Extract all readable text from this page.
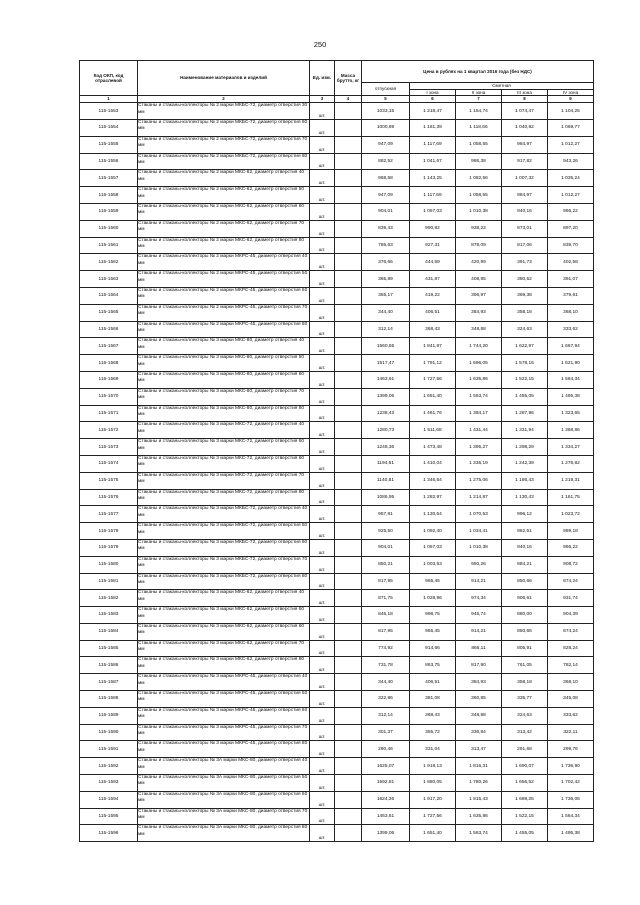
250
Код ОКП, код отраслевой	Наименование материалов и изделий	Ед. изм.	Масса брутто, кг	Цена в рублях на 1 квартал 2016 года (без НДС)				
				отпускная	Сметная			
					I зона	II зона	III зона	IV зона
1	2	3	4	5	6	7	8	9
115-1553	Стаканы и стаканы-коллекторы № 2 марки МКБС-72, диаметр отверстия 30 мм	шт.		1033,15	1 218,47	1 154,74	1 074,47	1 104,25
115-1554	Стаканы и стаканы-коллекторы № 2 марки МКБС-72, диаметр отверстия 60 мм	шт.		1000,89	1 181,39	1 118,66	1 040,92	1 069,77
115-1555	Стаканы и стаканы-коллекторы № 2 марки МКБС-72, диаметр отверстия 70 мм	шт.		947,09	1 117,69	1 058,55	984,97	1 012,27
115-1556	Стаканы и стаканы-коллекторы № 2 марки МКБС-72, диаметр отверстия 80 мм	шт.		882,52	1 041,67	986,38	917,82	943,26
115-1557	Стаканы и стаканы-коллекторы № 2 марки МКС-62, диаметр отверстия 40 мм	шт.		968,58	1 143,25	1 082,56	1 007,32	1 035,24
115-1558	Стаканы и стаканы-коллекторы № 2 марки МКС-62, диаметр отверстия 50 мм	шт.		947,09	1 117,69	1 058,55	984,97	1 012,27
115-1559	Стаканы и стаканы-коллекторы № 2 марки МКС-62, диаметр отверстия 60 мм	шт.		904,01	1 067,03	1 010,38	940,16	966,22
115-1560	Стаканы и стаканы-коллекторы № 2 марки МКС-62, диаметр отверстия 70 мм	шт.		839,43	990,82	938,22	873,01	897,20
115-1561	Стаканы и стаканы-коллекторы № 2 марки МКС-62, диаметр отверстия 80 мм	шт.		785,63	927,31	878,09	817,06	839,70
115-1562	Стаканы и стаканы-коллекторы № 2 марки МКРС-45, диаметр отверстия 40 мм	шт.		376,66	444,59	420,99	391,73	402,58
115-1563	Стаканы и стаканы-коллекторы № 2 марки МКРС-45, диаметр отверстия 50 мм	шт.		365,89	431,87	408,95	380,52	391,07
115-1564	Стаканы и стаканы-коллекторы № 2 марки МКРС-45, диаметр отверстия 60 мм	шт.		355,17	419,22	396,97	369,38	379,61
115-1565	Стаканы и стаканы-коллекторы № 2 марки МКРС-45, диаметр отверстия 70 мм	шт.		344,40	406,51	384,93	358,18	368,10
115-1566	Стаканы и стаканы-коллекторы № 2 марки МКРС-45, диаметр отверстия 80 мм	шт.		312,14	368,43	348,88	324,63	333,62
115-1567	Стаканы и стаканы-коллекторы № 3 марки МКС-80, диаметр отверстия 40 мм	шт.		1560,55	1 841,97	1 744,20	1 622,97	1 667,94
115-1568	Стаканы и стаканы-коллекторы № 3 марки МКС-80, диаметр отверстия 50 мм	шт.		1517,47	1 791,12	1 696,05	1 578,16	1 621,90
115-1569	Стаканы и стаканы-коллекторы № 3 марки МКС-80, диаметр отверстия 60 мм	шт.		1463,61	1 727,56	1 635,86	1 522,15	1 564,34
115-1570	Стаканы и стаканы-коллекторы № 3 марки МКС-80, диаметр отверстия 70 мм	шт.		1399,06	1 651,40	1 563,74	1 455,05	1 495,38
115-1571	Стаканы и стаканы-коллекторы № 3 марки МКС-80, диаметр отверстия 80 мм	шт.		1238,43	1 461,76	1 384,17	1 287,96	1 323,65
115-1572	Стаканы и стаканы-коллекторы № 3 марки МКС-72, диаметр отверстия 40 мм	шт.		1280,73	1 511,68	1 431,44	1 331,94	1 368,86
115-1573	Стаканы и стаканы-коллекторы № 3 марки МКС-72, диаметр отверстия 50 мм	шт.		1248,36	1 473,48	1 395,27	1 298,29	1 334,27
115-1574	Стаканы и стаканы-коллекторы № 3 марки МКС-72, диаметр отверстия 60 мм	шт.		1194,61	1 410,04	1 335,19	1 242,39	1 276,82
115-1575	Стаканы и стаканы-коллекторы № 3 марки МКС-72, диаметр отверстия 70 мм	шт.		1140,81	1 346,54	1 275,06	1 186,43	1 219,31
115-1576	Стаканы и стаканы-коллекторы № 3 марки МКС-72, диаметр отверстия 80 мм	шт.		1086,95	1 282,97	1 214,87	1 130,43	1 161,75
115-1577	Стаканы и стаканы-коллекторы № 3 марки МКБС-72, диаметр отверстия 40 мм	шт.		957,81	1 130,54	1 070,53	996,12	1 023,72
115-1578	Стаканы и стаканы-коллекторы № 3 марки МКБС-72, диаметр отверстия 50 мм	шт.		925,50	1 092,40	1 034,41	962,51	989,18
115-1579	Стаканы и стаканы-коллекторы № 3 марки МКБС-72, диаметр отверстия 60 мм	шт.		904,01	1 067,03	1 010,38	940,16	966,22
115-1580	Стаканы и стаканы-коллекторы № 3 марки МКБС-72, диаметр отверстия 70 мм	шт.		850,21	1 003,53	950,26	884,21	908,72
115-1581	Стаканы и стаканы-коллекторы № 3 марки МКБС-72, диаметр отверстия 80 мм	шт.		817,95	965,45	914,21	850,66	874,24
115-1582	Стаканы и стаканы-коллекторы № 3 марки МКС-62, диаметр отверстия 40 мм	шт.		871,75	1 028,96	974,34	906,61	931,74
115-1583	Стаканы и стаканы-коллекторы № 3 марки МКС-62, диаметр отверстия 50 мм	шт.		846,18	998,75	945,74	880,00	904,39
115-1584	Стаканы и стаканы-коллекторы № 3 марки МКС-62, диаметр отверстия 60 мм	шт.		817,95	965,45	914,21	850,66	874,24
115-1585	Стаканы и стаканы-коллекторы № 3 марки МКС-62, диаметр отверстия 70 мм	шт.		774,92	914,66	866,11	805,91	828,24
115-1586	Стаканы и стаканы-коллекторы № 3 марки МКС-62, диаметр отверстия 80 мм	шт.		731,78	863,75	817,90	761,05	782,14
115-1587	Стаканы и стаканы-коллекторы № 3 марки МКРС-45, диаметр отверстия 40 мм	шт.		344,40	406,51	384,93	358,18	368,10
115-1588	Стаканы и стаканы-коллекторы № 3 марки МКРС-45, диаметр отверстия 50 мм	шт.		322,86	381,08	360,85	335,77	345,08
115-1589	Стаканы и стаканы-коллекторы № 3 марки МКРС-45, диаметр отверстия 60 мм	шт.		312,14	368,43	348,88	324,63	333,62
115-1590	Стаканы и стаканы-коллекторы № 3 марки МКРС-45, диаметр отверстия 70 мм	шт.		301,37	355,72	336,84	313,42	322,11
115-1591	Стаканы и стаканы-коллекторы № 3 марки МКРС-45, диаметр отверстия 80 мм	шт.		280,46	331,04	313,47	291,68	299,76
115-1592	Стаканы и стаканы-коллекторы № 3А марки МКС-80, диаметр отверстия 40 мм	шт.		1625,07	1 918,13	1 816,31	1 690,07	1 736,90
115-1593	Стаканы и стаканы-коллекторы № 3А марки МКС-80, диаметр отверстия 50 мм	шт.		1592,81	1 880,05	1 780,26	1 656,52	1 702,42
115-1594	Стаканы и стаканы-коллекторы № 3А марки МКС-80, диаметр отверстия 60 мм	шт.		1624,26	1 917,20	1 815,43	1 689,25	1 736,06
115-1595	Стаканы и стаканы-коллекторы № 3А марки МКС-80, диаметр отверстия 70 мм	шт.		1463,61	1 727,56	1 635,86	1 522,15	1 564,34
115-1596	Стаканы и стаканы-коллекторы № 3А марки МКС-80, диаметр отверстия 80 мм	шт.		1399,06	1 651,40	1 563,74	1 455,05	1 495,38
